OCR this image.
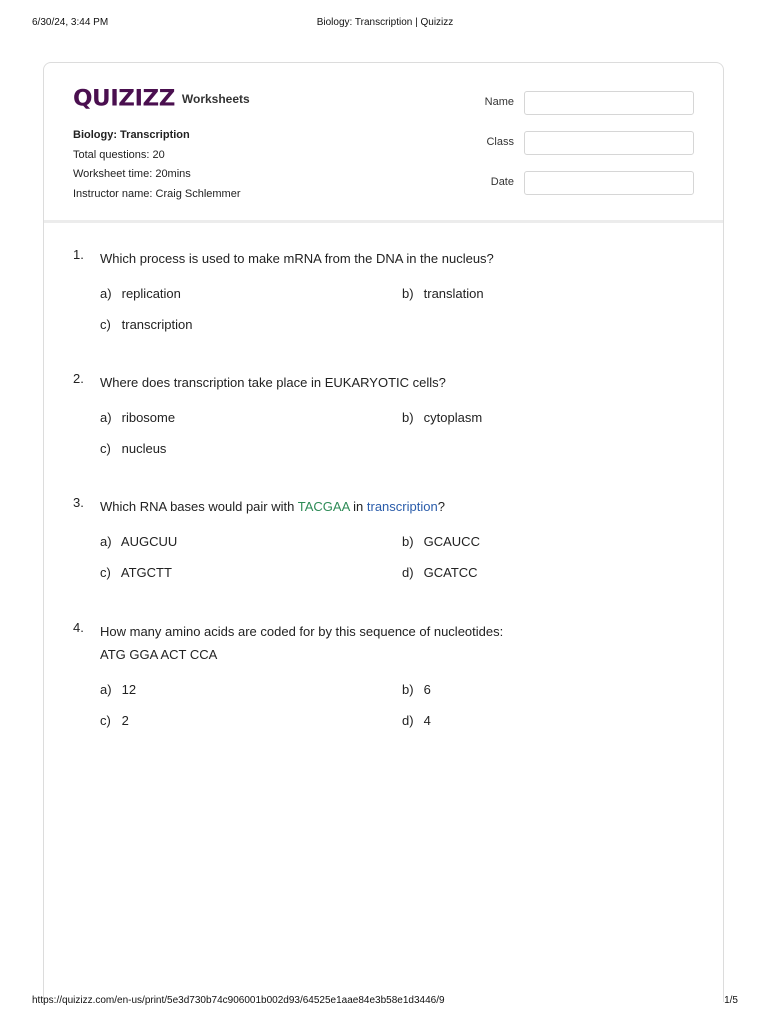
6/30/24, 3:44 PM	Biology: Transcription | Quizizz
QUIZIZZ Worksheets
Biology: Transcription
Total questions: 20
Worksheet time: 20mins
Instructor name: Craig Schlemmer
Name
Class
Date
1.	Which process is used to make mRNA from the DNA in the nucleus?
a) replication	b) translation
c) transcription
2.	Where does transcription take place in EUKARYOTIC cells?
a) ribosome	b) cytoplasm
c) nucleus
3.	Which RNA bases would pair with TACGAA in transcription?
a) AUGCUU	b) GCAUCC
c) ATGCTT	d) GCATCC
4.	How many amino acids are coded for by this sequence of nucleotides:
ATG GGA ACT CCA
a) 12	b) 6
c) 2	d) 4
https://quizizz.com/en-us/print/5e3d730b74c906001b002d93/64525e1aae84e3b58e1d3446/9	1/5
